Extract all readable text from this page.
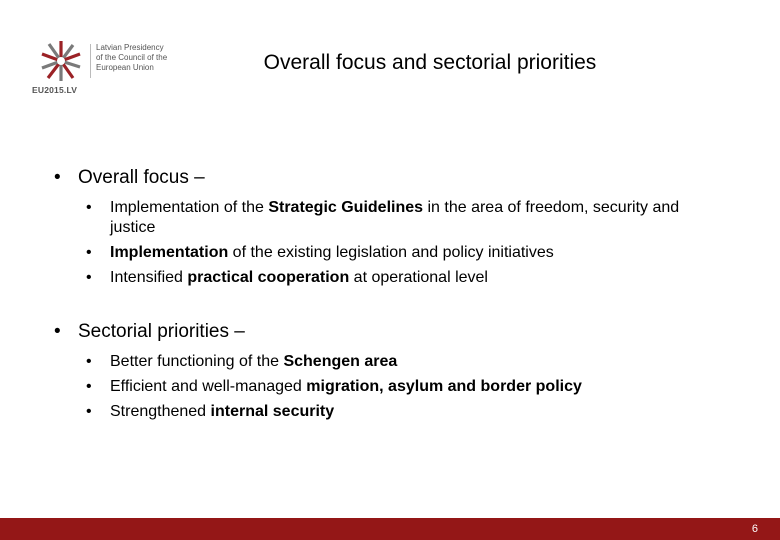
Latvian Presidency
of the Council of the
European Union
EU2015.LV
Overall focus and sectorial priorities
• Overall focus –
• Implementation of the Strategic Guidelines in the area of freedom, security and justice
• Implementation of the existing legislation and policy initiatives
• Intensified practical cooperation at operational level
• Sectorial priorities –
• Better functioning of the Schengen area
• Efficient and well-managed migration, asylum and border policy
• Strengthened internal security
6
